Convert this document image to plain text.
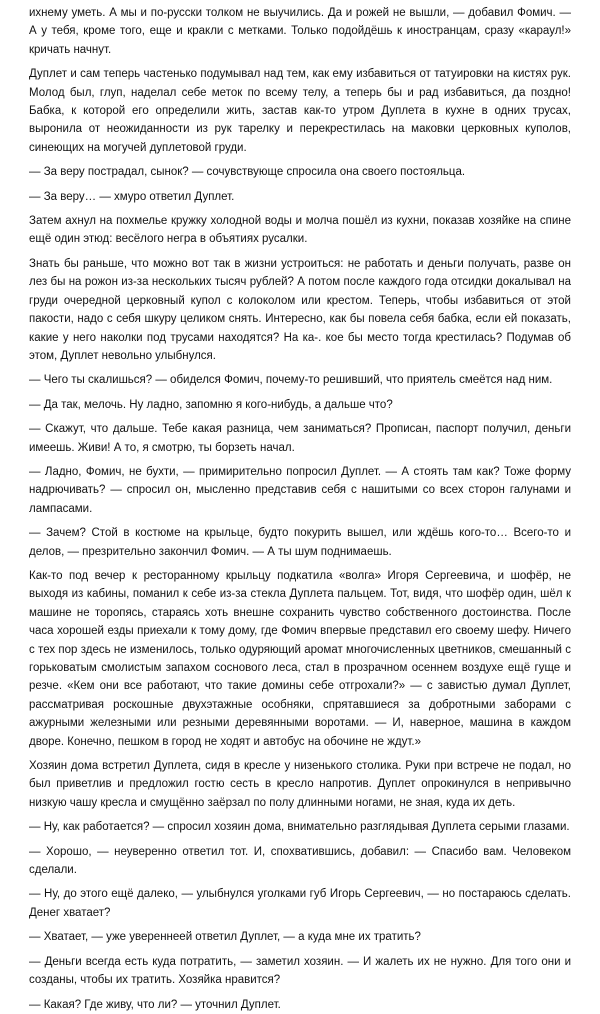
ихнему уметь. А мы и по-русски толком не выучились. Да и рожей не вышли, — добавил Фомич. — А у тебя, кроме того, еще и кракли с метками. Только подойдёшь к иностранцам, сразу «караул!» кричать начнут.

Дуплет и сам теперь частенько подумывал над тем, как ему избавиться от татуировки на кистях рук. Молод был, глуп, наделал себе меток по всему телу, а теперь бы и рад избавиться, да поздно! Бабка, к которой его определили жить, застав как-то утром Дуплета в кухне в одних трусах, выронила от неожиданности из рук тарелку и перекрестилась на маковки церковных куполов, синеющих на могучей дуплетовой груди.

— За веру пострадал, сынок? — сочувствующе спросила она своего постояльца.

— За веру… — хмуро ответил Дуплет.

Затем ахнул на похмелье кружку холодной воды и молча пошёл из кухни, показав хозяйке на спине ещё один этюд: весёлого негра в объятиях русалки.

Знать бы раньше, что можно вот так в жизни устроиться: не работать и деньги получать, разве он лез бы на рожон из-за нескольких тысяч рублей? А потом после каждого года отсидки докалывал на груди очередной церковный купол с колоколом или крестом. Теперь, чтобы избавиться от этой пакости, надо с себя шкуру целиком снять. Интересно, как бы повела себя бабка, если ей показать, какие у него наколки под трусами находятся? На ка-. кое бы место тогда крестилась? Подумав об этом, Дуплет невольно улыбнулся.

— Чего ты скалишься? — обиделся Фомич, почему-то решивший, что приятель смеётся над ним.

— Да так, мелочь. Ну ладно, запомню я кого-нибудь, а дальше что?

— Скажут, что дальше. Тебе какая разница, чем заниматься? Прописан, паспорт получил, деньги имеешь. Живи! А то, я смотрю, ты борзеть начал.

— Ладно, Фомич, не бухти, — примирительно попросил Дуплет. — А стоять там как? Тоже форму надрючивать? — спросил он, мысленно представив себя с нашитыми со всех сторон галунами и лампасами.

— Зачем? Стой в костюме на крыльце, будто покурить вышел, или ждёшь кого-то… Всего-то и делов, — презрительно закончил Фомич. — А ты шум поднимаешь.

Как-то под вечер к ресторанному крыльцу подкатила «волга» Игоря Сергеевича, и шофёр, не выходя из кабины, поманил к себе из-за стекла Дуплета пальцем. Тот, видя, что шофёр один, шёл к машине не торопясь, стараясь хоть внешне сохранить чувство собственного достоинства. После часа хорошей езды приехали к тому дому, где Фомич впервые представил его своему шефу. Ничего с тех пор здесь не изменилось, только одуряющий аромат многочисленных цветников, смешанный с горьковатым смолистым запахом соснового леса, стал в прозрачном осеннем воздухе ещё гуще и резче. «Кем они все работают, что такие домины себе отгрохали?» — с завистью думал Дуплет, рассматривая роскошные двухэтажные особняки, спрятавшиеся за добротными заборами с ажурными железными или резными деревянными воротами. — И, наверное, машина в каждом дворе. Конечно, пешком в город не ходят и автобус на обочине не ждут.»

Хозяин дома встретил Дуплета, сидя в кресле у низенького столика. Руки при встрече не подал, но был приветлив и предложил гостю сесть в кресло напротив. Дуплет опрокинулся в непривычно низкую чашу кресла и смущённо заёрзал по полу длинными ногами, не зная, куда их деть.

— Ну, как работается? — спросил хозяин дома, внимательно разглядывая Дуплета серыми глазами.

— Хорошо, — неуверенно ответил тот. И, спохватившись, добавил: — Спасибо вам. Человеком сделали.

— Ну, до этого ещё далеко, — улыбнулся уголками губ Игорь Сергеевич, — но постараюсь сделать. Денег хватает?

— Хватает, — уже увереннеей ответил Дуплет, — а куда мне их тратить?

— Деньги всегда есть куда потратить, — заметил хозяин. — И жалеть их не нужно. Для того они и созданы, чтобы их тратить. Хозяйка нравится?

— Какая? Где живу, что ли? — уточнил Дуплет.
